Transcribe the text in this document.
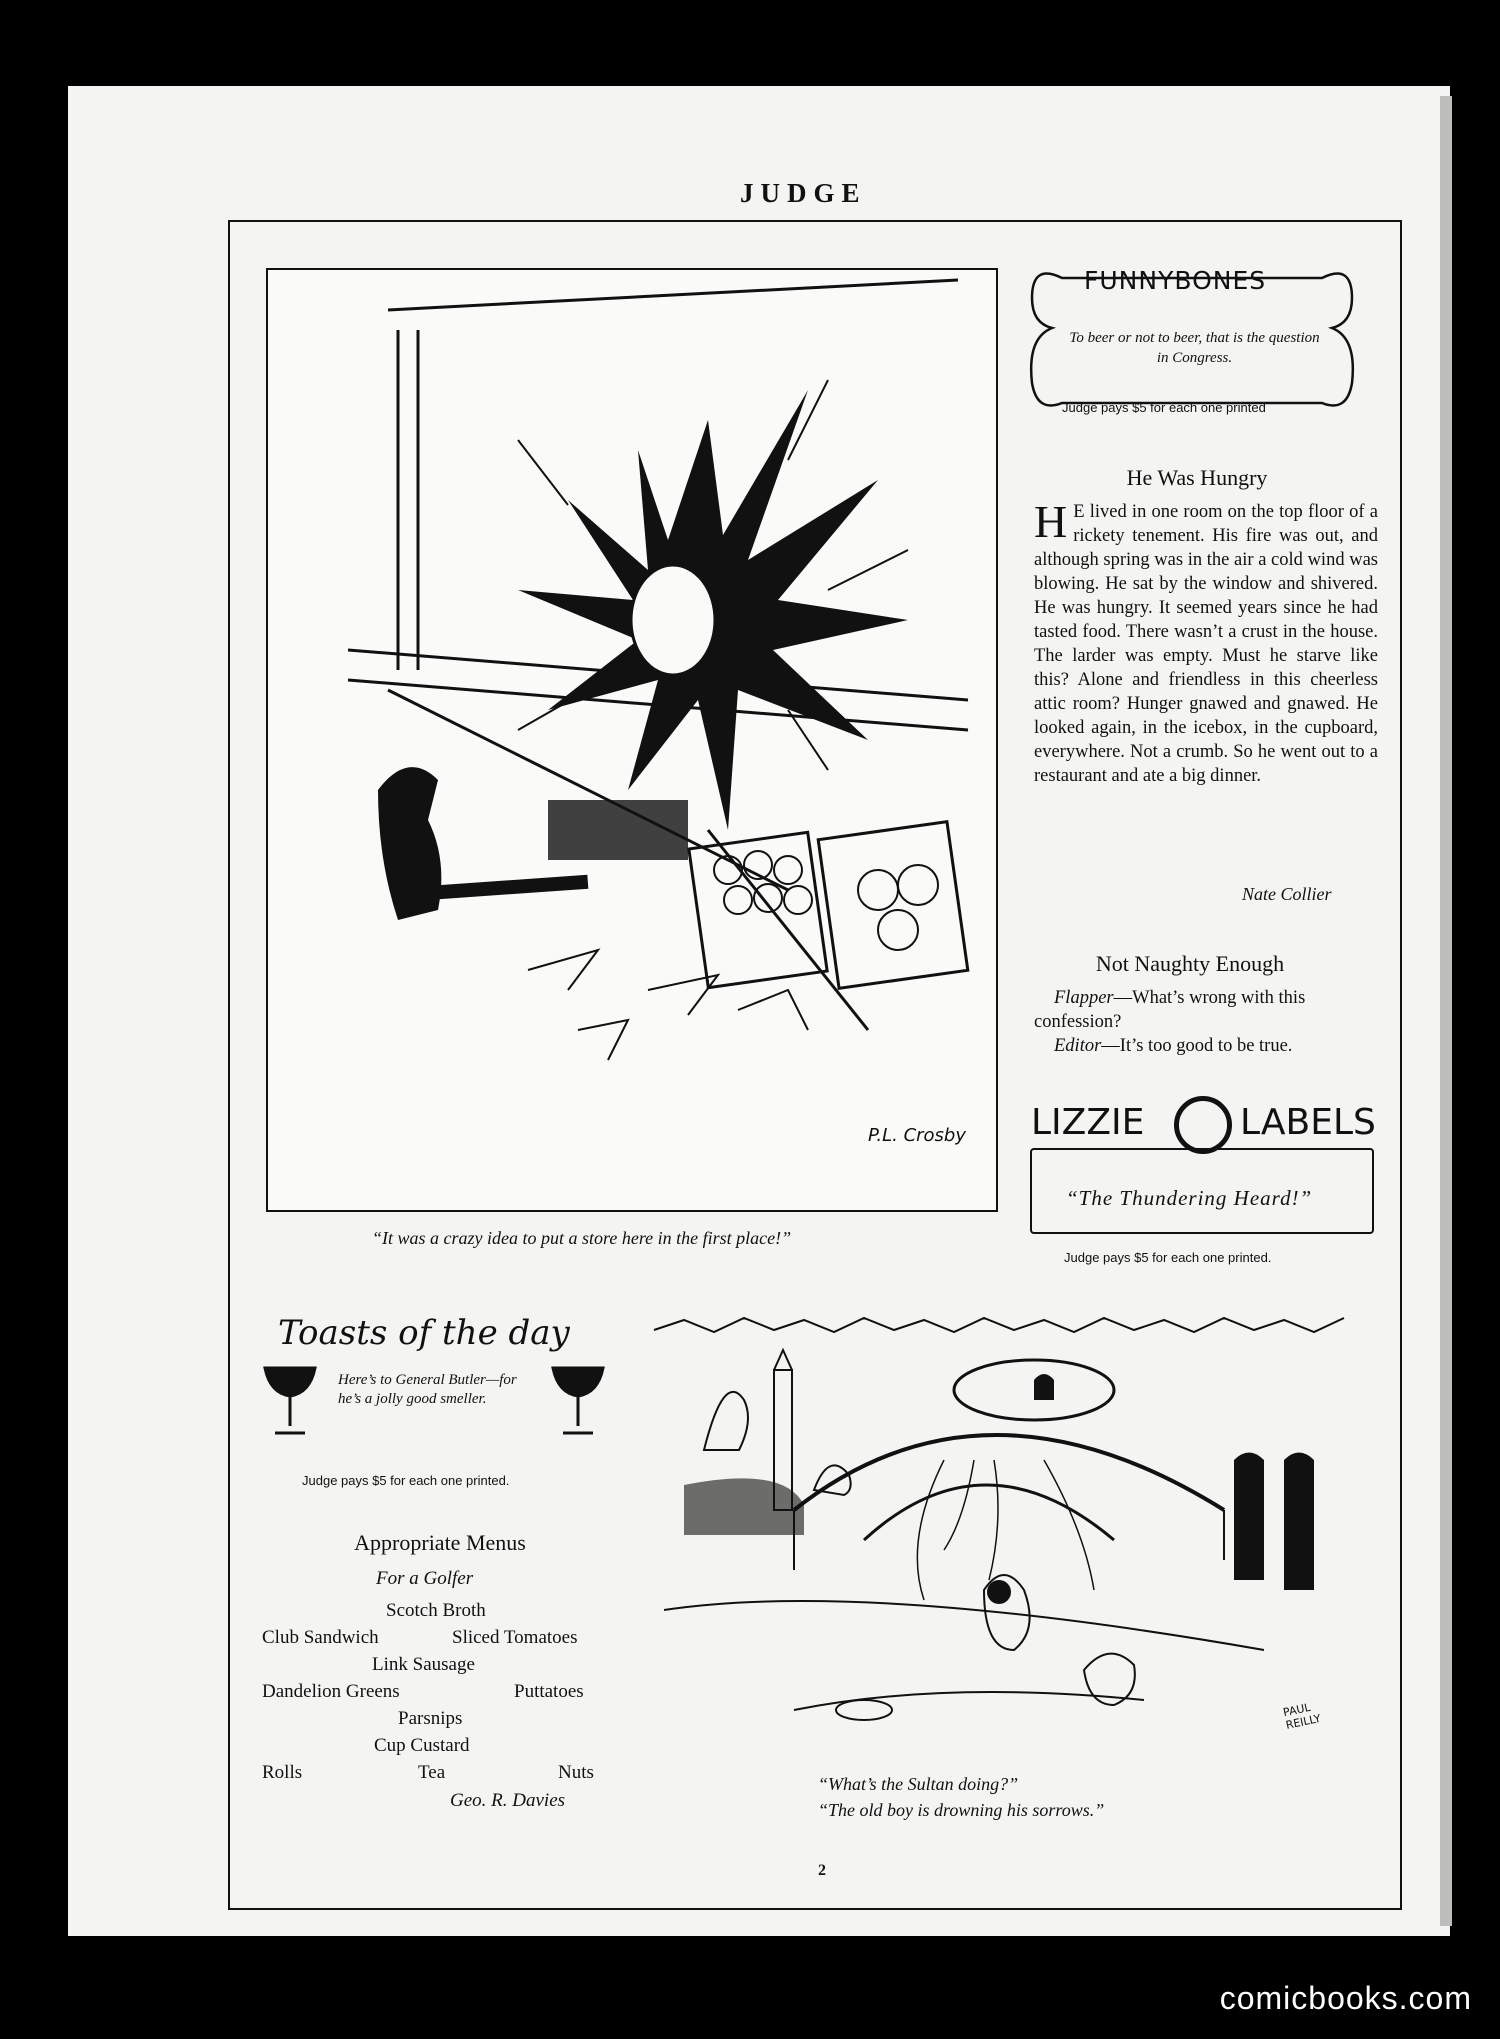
JUDGE
P.L. Crosby
“It was a crazy idea to put a store here in the first place!”
FUNNYBONES
To beer or not to beer, that is the question in Congress.
Judge pays $5 for each one printed
He Was Hungry
H E lived in one room on the top floor of a rickety tenement. His fire was out, and although spring was in the air a cold wind was blowing. He sat by the window and shivered. He was hungry. It seemed years since he had tasted food. There wasn’t a crust in the house. The larder was empty. Must he starve like this? Alone and friendless in this cheerless attic room? Hunger gnawed and gnawed. He looked again, in the icebox, in the cupboard, everywhere. Not a crumb. So he went out to a restaurant and ate a big dinner.
Nate Collier
Not Naughty Enough
Flapper—What’s wrong with this confession?
Editor—It’s too good to be true.
LIZZIE	LABELS
“The Thundering Heard!”
Judge pays $5 for each one printed.
Toasts of the day
Here’s to General Butler—for he’s a jolly good smeller.
Judge pays $5 for each one printed.
Appropriate Menus
For a Golfer
Scotch Broth
Club Sandwich	Sliced Tomatoes
Link Sausage
Dandelion Greens	Puttatoes
Parsnips
Cup Custard
Rolls	Tea	Nuts
Geo. R. Davies
PAUL REILLY
“What’s the Sultan doing?”
“The old boy is drowning his sorrows.”
2
comicbooks.com
